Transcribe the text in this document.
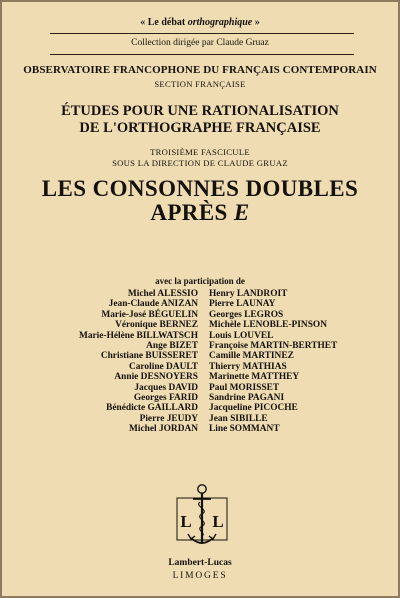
« Le débat orthographique »
Collection dirigée par Claude Gruaz
OBSERVATOIRE FRANCOPHONE DU FRANÇAIS CONTEMPORAIN
SECTION FRANÇAISE
ÉTUDES POUR UNE RATIONALISATION
DE L'ORTHOGRAPHE FRANÇAISE
TROISIÈME FASCICULE
SOUS LA DIRECTION DE CLAUDE GRUAZ
LES CONSONNES DOUBLES
APRÈS E
avec la participation de
Michel ALESSIO
Jean-Claude ANIZAN
Marie-José BÉGUELIN
Véronique BERNEZ
Marie-Hélène BILLWATSCH
Ange BIZET
Christiane BUISSERET
Caroline DAULT
Annie DESNOYERS
Jacques DAVID
Georges FARID
Bénédicte GAILLARD
Pierre JEUDY
Michel JORDAN
Henry LANDROIT
Pierre LAUNAY
Georges LEGROS
Michèle LENOBLE-PINSON
Louis LOUVEL
Françoise MARTIN-BERTHET
Camille MARTINEZ
Thierry MATHIAS
Marinette MATTHEY
Paul MORISSET
Sandrine PAGANI
Jacqueline PICOCHE
Jean SIBILLE
Line SOMMANT
L L
Lambert-Lucas
LIMOGES
